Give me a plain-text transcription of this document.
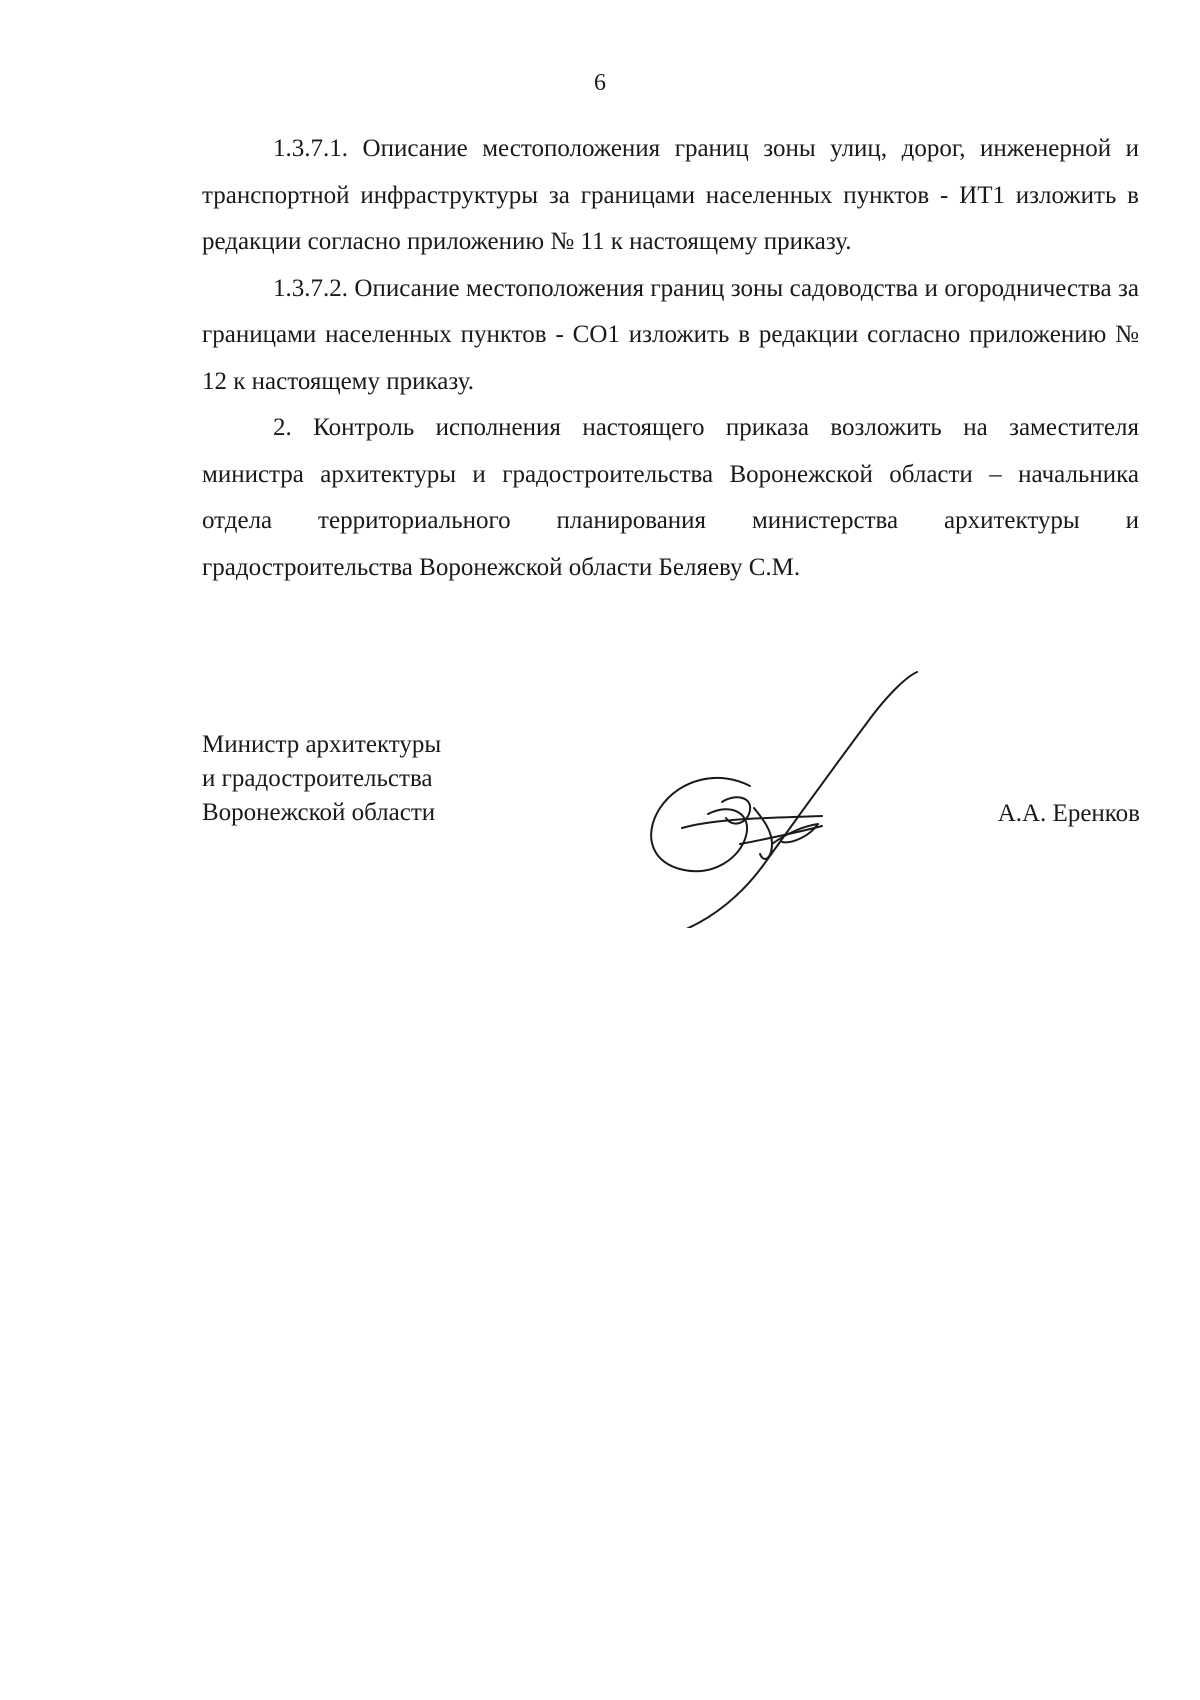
6

1.3.7.1. Описание местоположения границ зоны улиц, дорог, инженерной и транспортной инфраструктуры за границами населенных пунктов - ИТ1 изложить в редакции согласно приложению № 11 к настоящему приказу.

1.3.7.2. Описание местоположения границ зоны садоводства и огородничества за границами населенных пунктов - СО1 изложить в редакции согласно приложению № 12 к настоящему приказу.

2. Контроль исполнения настоящего приказа возложить на заместителя министра архитектуры и градостроительства Воронежской области – начальника отдела территориального планирования министерства архитектуры и градостроительства Воронежской области Беляеву С.М.

Министр архитектуры
и градостроительства
Воронежской области	А.А. Еренков
